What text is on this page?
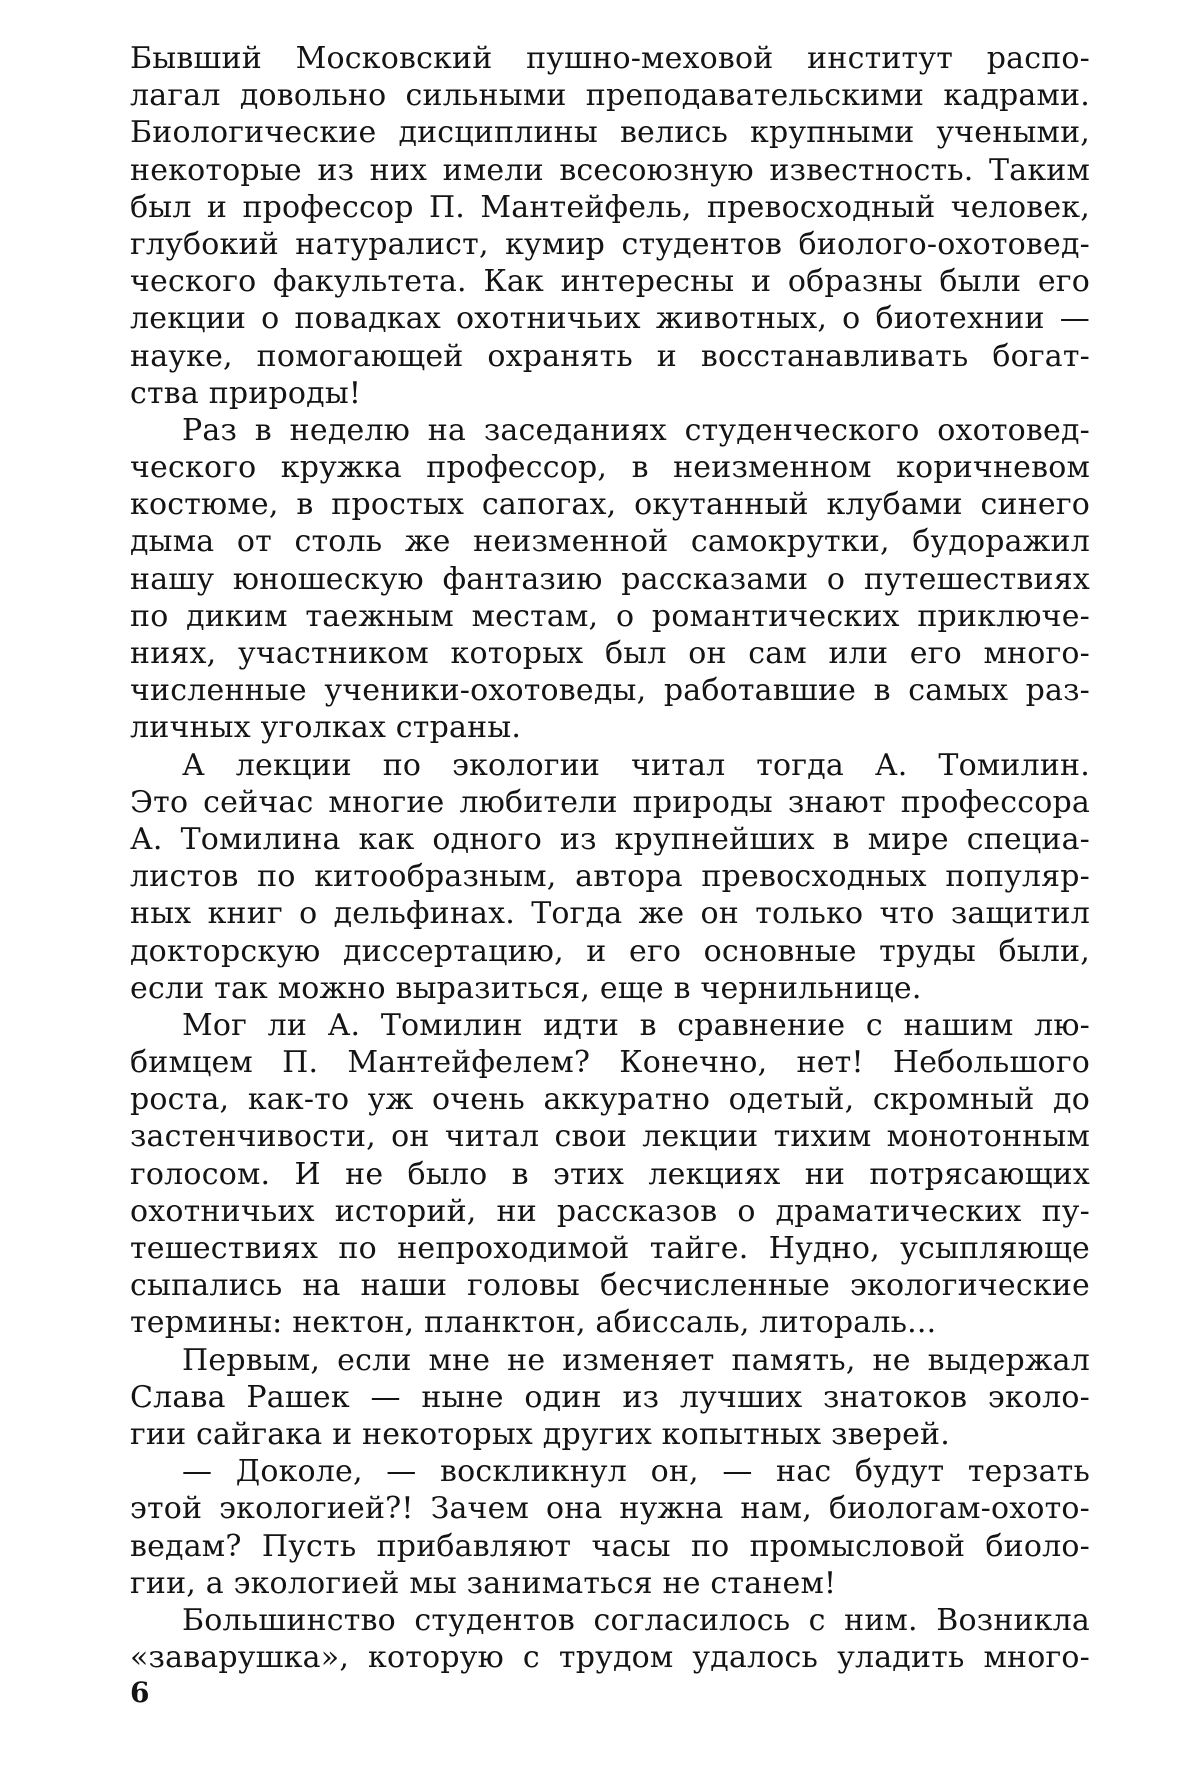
Бывший Московский пушно-меховой институт распо-
лагал довольно сильными преподавательскими кадрами.
Биологические дисциплины велись крупными учеными,
некоторые из них имели всесоюзную известность. Таким
был и профессор П. Мантейфель, превосходный человек,
глубокий натуралист, кумир студентов биолого-охотовед-
ческого факультета. Как интересны и образны были его
лекции о повадках охотничьих животных, о биотехнии —
науке, помогающей охранять и восстанавливать богат-
ства природы!
Раз в неделю на заседаниях студенческого охотовед-
ческого кружка профессор, в неизменном коричневом
костюме, в простых сапогах, окутанный клубами синего
дыма от столь же неизменной самокрутки, будоражил
нашу юношескую фантазию рассказами о путешествиях
по диким таежным местам, о романтических приключе-
ниях, участником которых был он сам или его много-
численные ученики-охотоведы, работавшие в самых раз-
личных уголках страны.
А лекции по экологии читал тогда А. Томилин.
Это сейчас многие любители природы знают профессора
А. Томилина как одного из крупнейших в мире специа-
листов по китообразным, автора превосходных популяр-
ных книг о дельфинах. Тогда же он только что защитил
докторскую диссертацию, и его основные труды были,
если так можно выразиться, еще в чернильнице.
Мог ли А. Томилин идти в сравнение с нашим лю-
бимцем П. Мантейфелем? Конечно, нет! Небольшого
роста, как-то уж очень аккуратно одетый, скромный до
застенчивости, он читал свои лекции тихим монотонным
голосом. И не было в этих лекциях ни потрясающих
охотничьих историй, ни рассказов о драматических пу-
тешествиях по непроходимой тайге. Нудно, усыпляюще
сыпались на наши головы бесчисленные экологические
термины: нектон, планктон, абиссаль, литораль...
Первым, если мне не изменяет память, не выдержал
Слава Рашек — ныне один из лучших знатоков эколо-
гии сайгака и некоторых других копытных зверей.
— Доколе, — воскликнул он, — нас будут терзать
этой экологией?! Зачем она нужна нам, биологам-охото-
ведам? Пусть прибавляют часы по промысловой биоло-
гии, а экологией мы заниматься не станем!
Большинство студентов согласилось с ним. Возникла
«заварушка», которую с трудом удалось уладить много-
6
